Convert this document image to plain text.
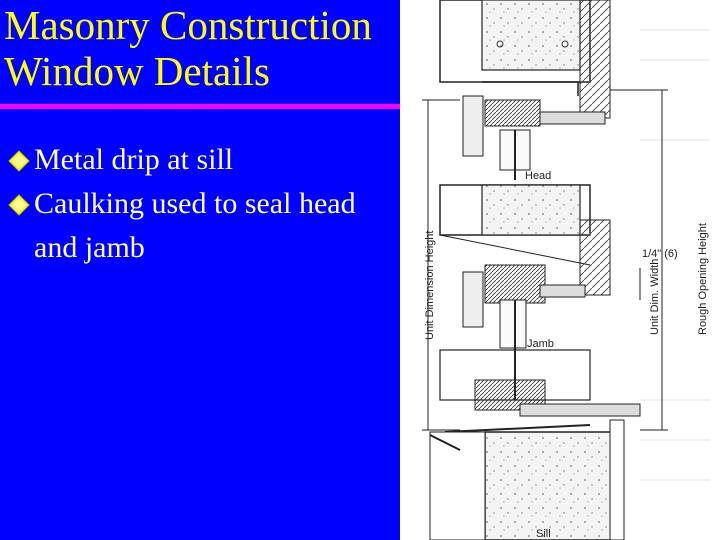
Masonry Construction
Window Details
Metal drip at sill
Caulking used to seal head and jamb
Head
Jamb
Sill
1/4" (6)
Unit Dimension Height	Rough Opening Height
Unit Dim. Width
